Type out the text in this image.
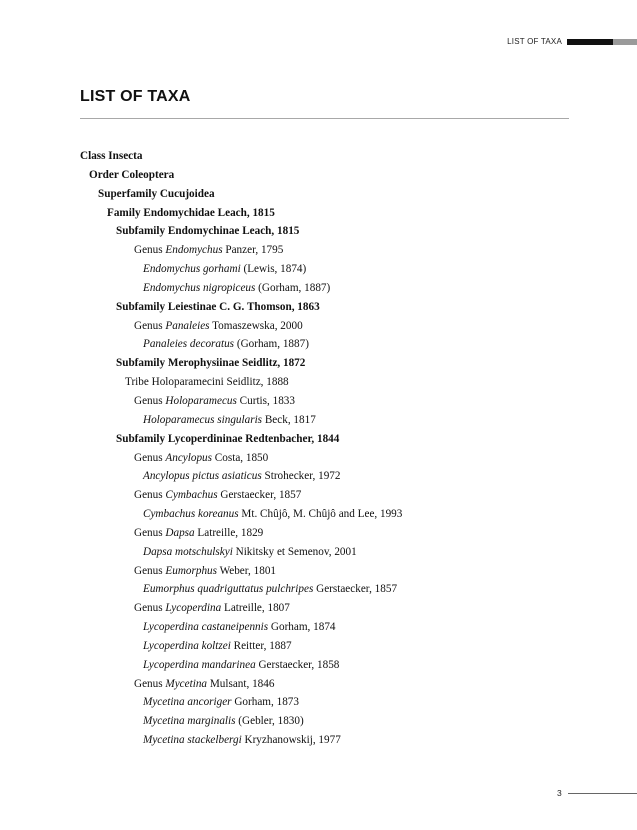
LIST OF TAXA
LIST OF TAXA
Class Insecta
Order Coleoptera
Superfamily Cucujoidea
Family Endomychidae Leach, 1815
Subfamily Endomychinae Leach, 1815
Genus Endomychus Panzer, 1795
Endomychus gorhami (Lewis, 1874)
Endomychus nigropiceus (Gorham, 1887)
Subfamily Leiestinae C. G. Thomson, 1863
Genus Panaleies Tomaszewska, 2000
Panaleies decoratus (Gorham, 1887)
Subfamily Merophysiinae Seidlitz, 1872
Tribe Holoparamecini Seidlitz, 1888
Genus Holoparamecus Curtis, 1833
Holoparamecus singularis Beck, 1817
Subfamily Lycoperdininae Redtenbacher, 1844
Genus Ancylopus Costa, 1850
Ancylopus pictus asiaticus Strohecker, 1972
Genus Cymbachus Gerstaecker, 1857
Cymbachus koreanus Mt. Chûjô, M. Chûjô and Lee, 1993
Genus Dapsa Latreille, 1829
Dapsa motschulskyi Nikitsky et Semenov, 2001
Genus Eumorphus Weber, 1801
Eumorphus quadriguttatus pulchripes Gerstaecker, 1857
Genus Lycoperdina Latreille, 1807
Lycoperdina castaneipennis Gorham, 1874
Lycoperdina koltzei Reitter, 1887
Lycoperdina mandarinea Gerstaecker, 1858
Genus Mycetina Mulsant, 1846
Mycetina ancoriger Gorham, 1873
Mycetina marginalis (Gebler, 1830)
Mycetina stackelbergi Kryzhanowskij, 1977
3
